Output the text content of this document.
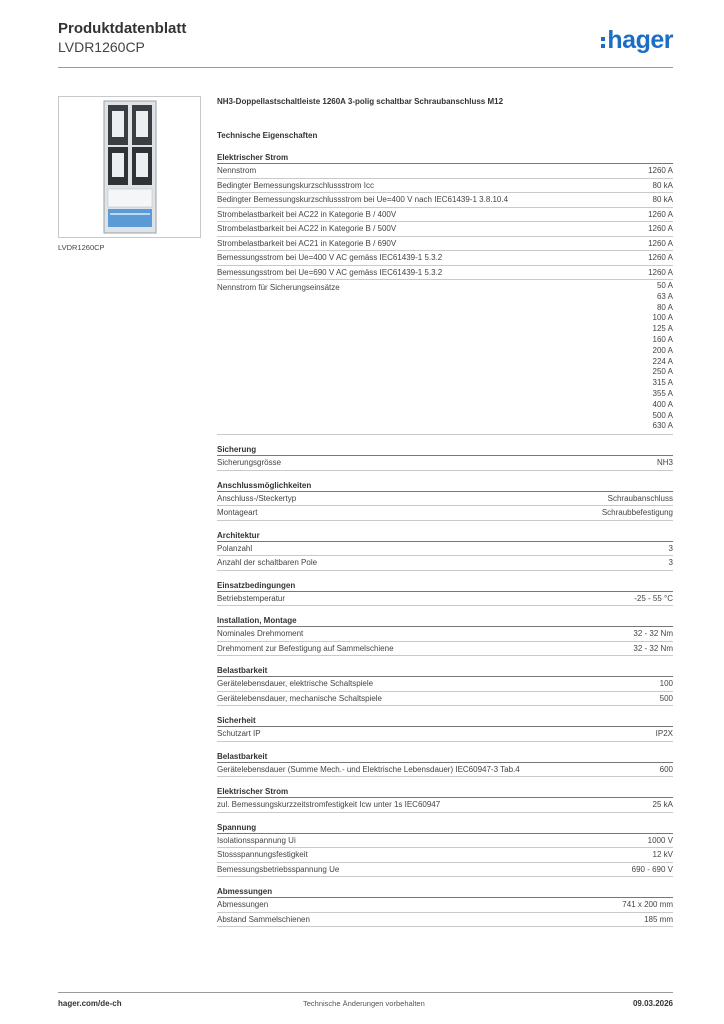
Produktdatenblatt
LVDR1260CP	hager
LVDR1260CP
NH3-Doppellastschaltleiste 1260A 3-polig schaltbar Schraubanschluss M12
Technische Eigenschaften
Elektrischer Strom
Nennstrom	1260 A
Bedingter Bemessungskurzschlussstrom Icc	80 kA
Bedingter Bemessungskurzschlussstrom bei Ue=400 V nach IEC61439-1 3.8.10.4	80 kA
Strombelastbarkeit bei AC22 in Kategorie B / 400V	1260 A
Strombelastbarkeit bei AC22 in Kategorie B / 500V	1260 A
Strombelastbarkeit bei AC21 in Kategorie B / 690V	1260 A
Bemessungsstrom bei Ue=400 V AC gemäss IEC61439-1 5.3.2	1260 A
Bemessungsstrom bei Ue=690 V AC gemäss IEC61439-1 5.3.2	1260 A
Nennstrom für Sicherungseinsätze	50 A
63 A
80 A
100 A
125 A
160 A
200 A
224 A
250 A
315 A
355 A
400 A
500 A
630 A
Sicherung
Sicherungsgrösse	NH3
Anschlussmöglichkeiten
Anschluss-/Steckertyp	Schraubanschluss
Montageart	Schraubbefestigung
Architektur
Polanzahl	3
Anzahl der schaltbaren Pole	3
Einsatzbedingungen
Betriebstemperatur	-25 - 55 °C
Installation, Montage
Nominales Drehmoment	32 - 32 Nm
Drehmoment zur Befestigung auf Sammelschiene	32 - 32 Nm
Belastbarkeit
Gerätelebensdauer, elektrische Schaltspiele	100
Gerätelebensdauer, mechanische Schaltspiele	500
Sicherheit
Schutzart IP	IP2X
Belastbarkeit
Gerätelebensdauer (Summe Mech.- und Elektrische Lebensdauer) IEC60947-3 Tab.4	600
Elektrischer Strom
zul. Bemessungskurzzeitstromfestigkeit Icw unter 1s IEC60947	25 kA
Spannung
Isolationsspannung Ui	1000 V
Stossspannungsfestigkeit	12 kV
Bemessungsbetriebsspannung Ue	690 - 690 V
Abmessungen
Abmessungen	741 x 200 mm
Abstand Sammelschienen	185 mm
hager.com/de-ch	Technische Änderungen vorbehalten	09.03.2026
